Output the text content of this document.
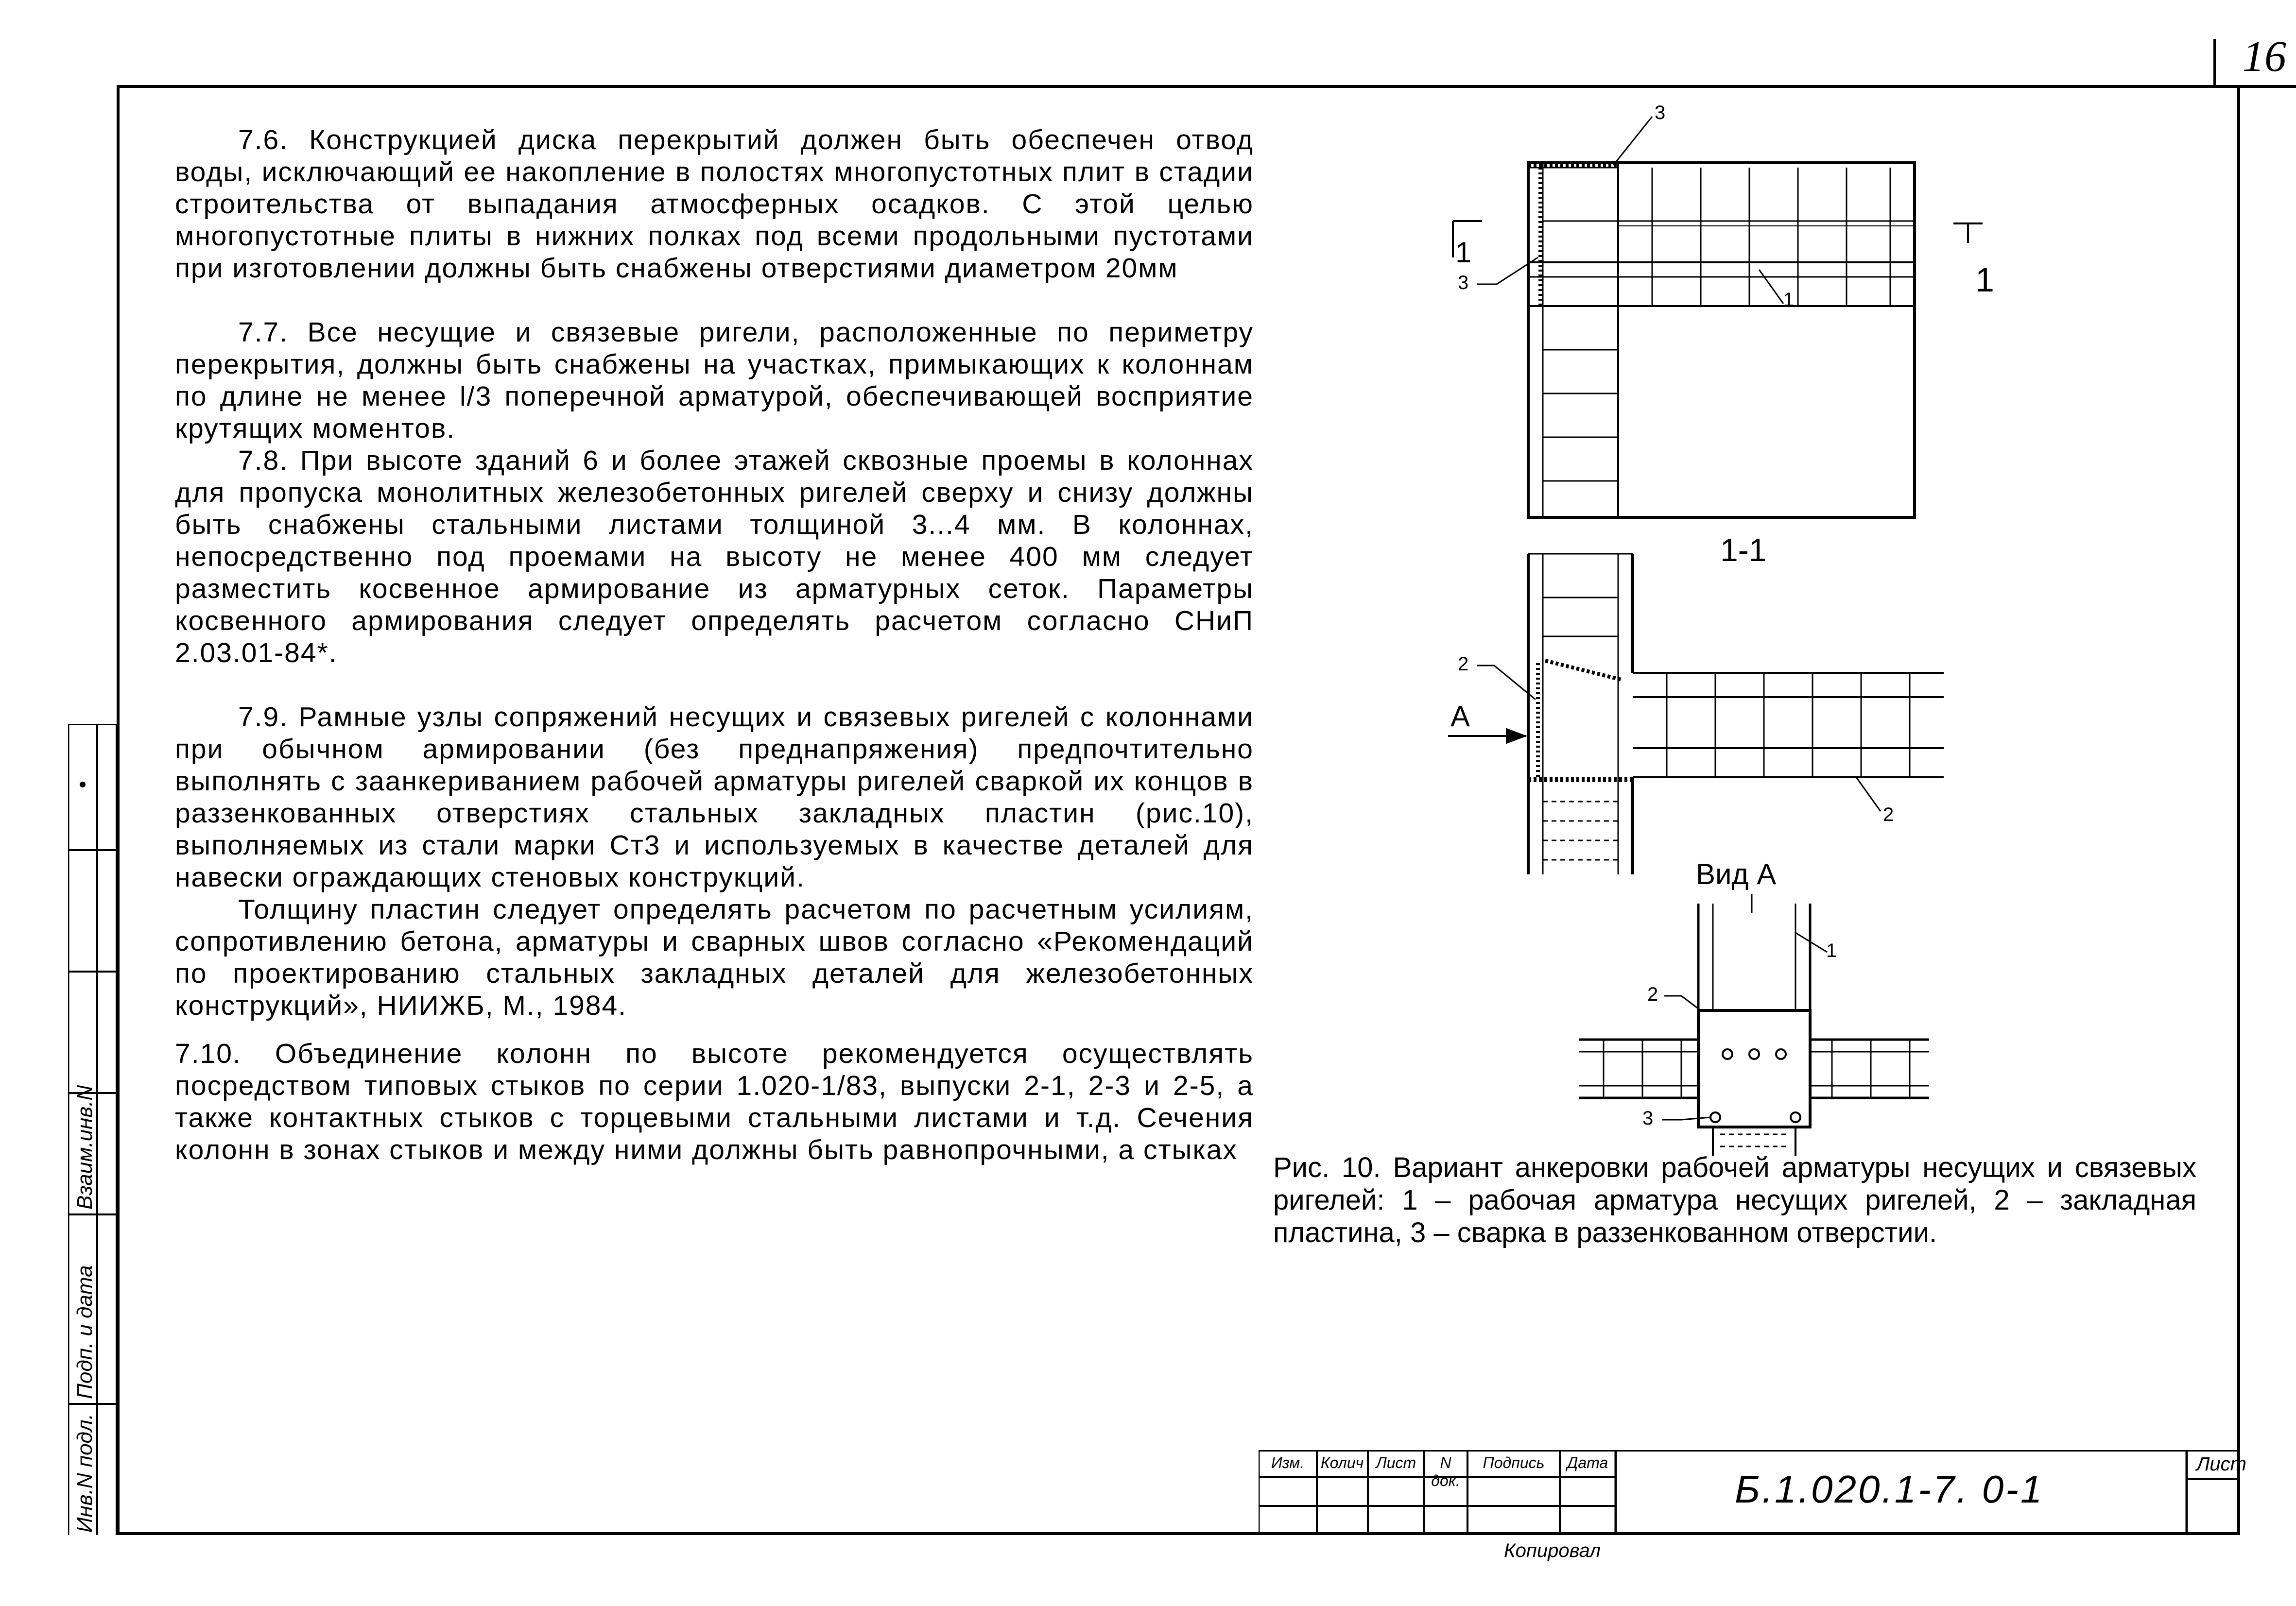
16
Инв.N подл.
Подп. и дата
Взаим.инв.N

7.6. Конструкцией диска перекрытий должен быть обеспечен отвод воды, исключающий ее накопление в полостях многопустотных плит в стадии строительства от выпадания атмосферных осадков. С этой целью многопустотные плиты в нижних полках под всеми продольными пустотами при изготовлении должны быть снабжены отверстиями диаметром 20мм

7.7. Все несущие и связевые ригели, расположенные по периметру перекрытия, должны быть снабжены на участках, примыкающих к колоннам по длине не менее l/3 поперечной арматурой, обеспечивающей восприятие крутящих моментов.

7.8. При высоте зданий 6 и более этажей сквозные проемы в колоннах для пропуска монолитных железобетонных ригелей сверху и снизу должны быть снабжены стальными листами толщиной 3...4 мм. В колоннах, непосредственно под проемами на высоту не менее 400 мм следует разместить косвенное армирование из арматурных сеток. Параметры косвенного армирования следует определять расчетом согласно СНиП 2.03.01-84*.

7.9. Рамные узлы сопряжений несущих и связевых ригелей с колоннами при обычном армировании (без преднапряжения) предпочтительно выполнять с заанкериванием рабочей арматуры ригелей сваркой их концов в раззенкованных отверстиях стальных закладных пластин (рис.10), выполняемых из стали марки Ст3 и используемых в качестве деталей для навески ограждающих стеновых конструкций.

Толщину пластин следует определять расчетом по расчетным усилиям, сопротивлению бетона, арматуры и сварных швов согласно «Рекомендаций по проектированию стальных закладных деталей для железобетонных конструкций», НИИЖБ, М., 1984.

7.10. Объединение колонн по высоте рекомендуется осуществлять посредством типовых стыков по серии 1.020-1/83, выпуски 2-1, 2-3 и 2-5, а также контактных стыков с торцевыми стальными листами и т.д. Сечения колонн в зонах стыков и между ними должны быть равнопрочными, а стыках

3
3
1
1
1
1-1
2
2
А
Вид А
1
2
3

Рис. 10. Вариант анкеровки рабочей арматуры несущих и связевых ригелей: 1 – рабочая арматура несущих ригелей, 2 – закладная пластина, 3 – сварка в раззенкованном отверстии.

Изм.	Колич Лист	N док.
Подпись	Дата
Б.1.020.1-7. 0-1
Лист
Копировал
